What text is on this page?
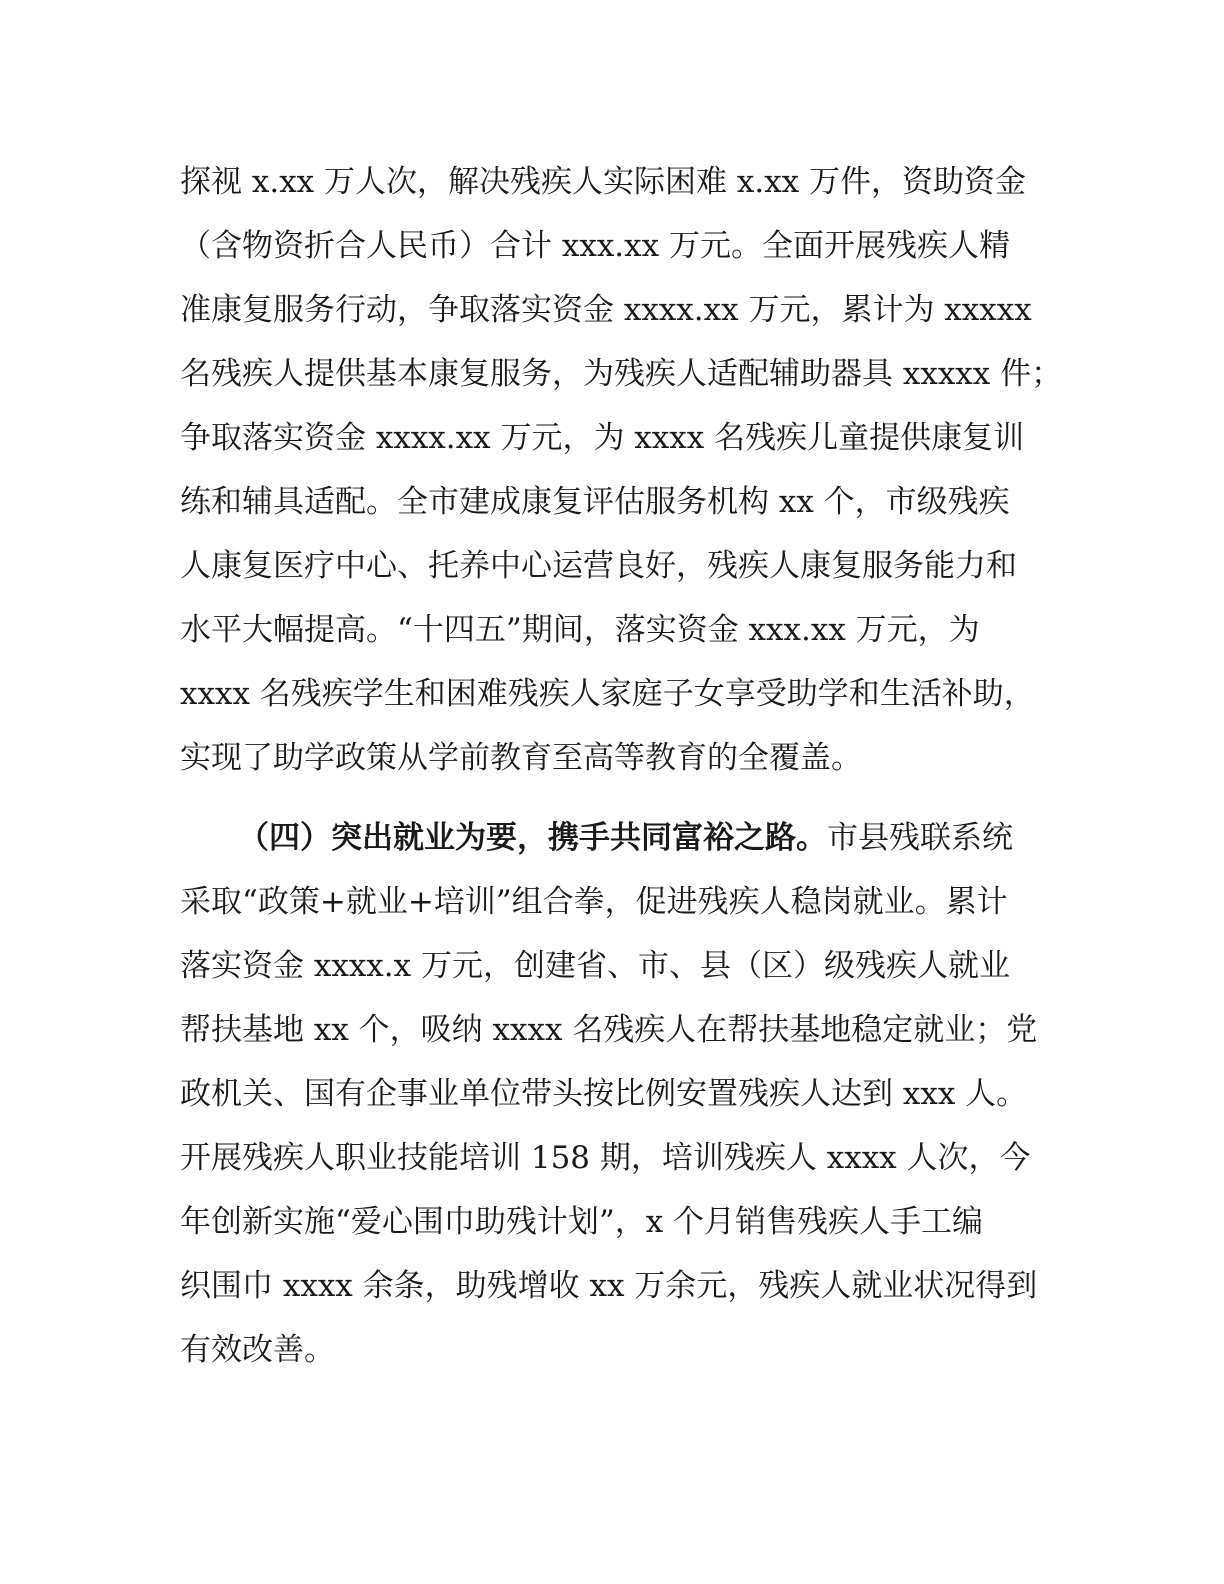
探视 x.xx 万人次，解决残疾人实际困难 x.xx 万件，资助资金
（含物资折合人民币）合计 xxx.xx 万元。全面开展残疾人精
准康复服务行动，争取落实资金 xxxx.xx 万元，累计为 xxxxx
名残疾人提供基本康复服务，为残疾人适配辅助器具 xxxxx 件；
争取落实资金 xxxx.xx 万元，为 xxxx 名残疾儿童提供康复训
练和辅具适配。全市建成康复评估服务机构 xx 个，市级残疾
人康复医疗中心、托养中心运营良好，残疾人康复服务能力和
水平大幅提高。“十四五”期间，落实资金 xxx.xx 万元，为
xxxx 名残疾学生和困难残疾人家庭子女享受助学和生活补助，
实现了助学政策从学前教育至高等教育的全覆盖。
（四）突出就业为要，携手共同富裕之路。市县残联系统
采取“政策+就业+培训”组合拳，促进残疾人稳岗就业。累计
落实资金 xxxx.x 万元，创建省、市、县（区）级残疾人就业
帮扶基地 xx 个，吸纳 xxxx 名残疾人在帮扶基地稳定就业；党
政机关、国有企事业单位带头按比例安置残疾人达到 xxx 人。
开展残疾人职业技能培训 158 期，培训残疾人 xxxx 人次，今
年创新实施“爱心围巾助残计划”，x 个月销售残疾人手工编
织围巾 xxxx 余条，助残增收 xx 万余元，残疾人就业状况得到
有效改善。
